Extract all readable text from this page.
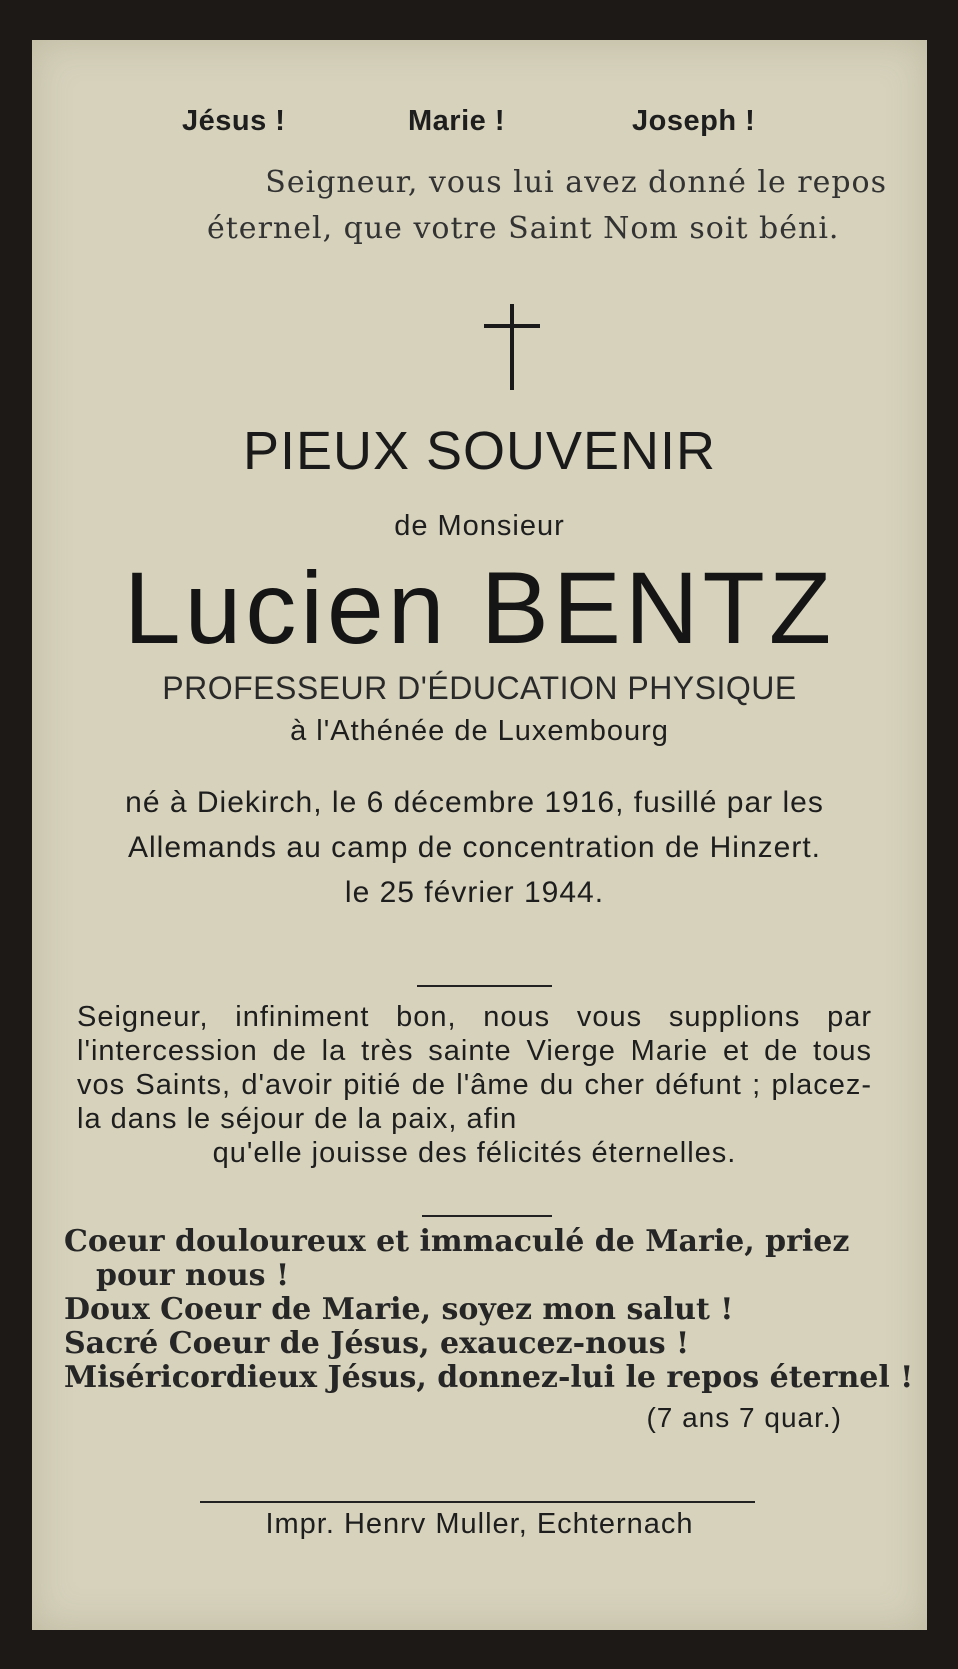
Jésus !	Marie !	Joseph !
Seigneur, vous lui avez donné le repos
éternel, que votre Saint Nom soit béni.
PIEUX SOUVENIR
de Monsieur
Lucien BENTZ
PROFESSEUR D'ÉDUCATION PHYSIQUE
à l'Athénée de Luxembourg
né à Diekirch, le 6 décembre 1916, fusillé par les
Allemands au camp de concentration de Hinzert.
le 25 février 1944.
Seigneur, infiniment bon, nous vous supplions par l'intercession de la très sainte Vierge Marie et de tous vos Saints, d'avoir pitié de l'âme du cher défunt ; placez-la dans le séjour de la paix, afin
qu'elle jouisse des félicités éternelles.
Coeur douloureux et immaculé de Marie, priez
pour nous !
Doux Coeur de Marie, soyez mon salut !
Sacré Coeur de Jésus, exaucez-nous !
Miséricordieux Jésus, donnez-lui le repos éternel !
(7 ans 7 quar.)
Impr. Henrv Muller, Echternach
